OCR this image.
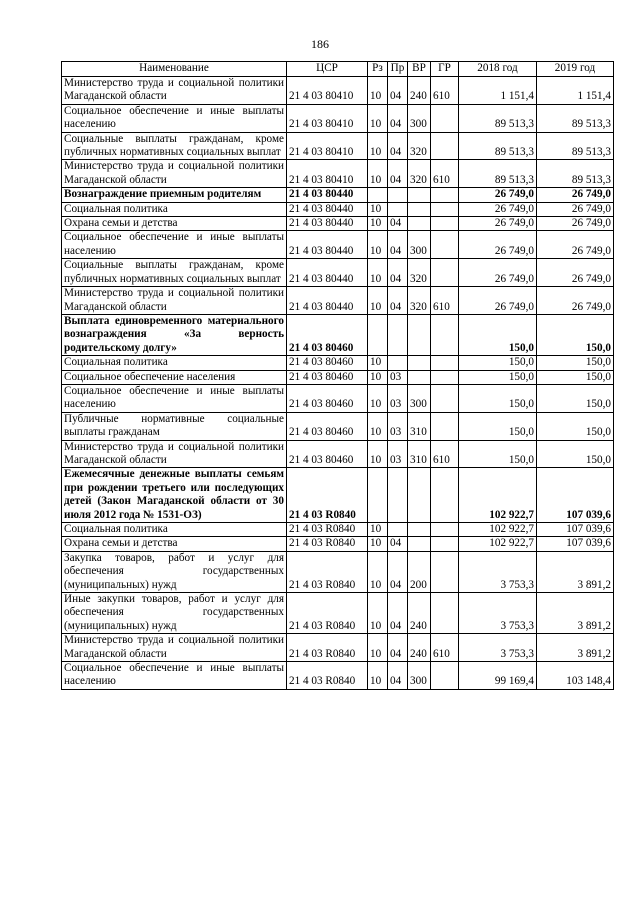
186
Наименование	ЦСР	Рз	Пр	ВР	ГР	2018 год	2019 год
Министерство труда и социальной политики Магаданской области	21 4 03 80410	10	04	240	610	1 151,4	1 151,4
Социальное обеспечение и иные выплаты населению	21 4 03 80410	10	04	300		89 513,3	89 513,3
Социальные выплаты гражданам, кроме публичных нормативных социальных выплат	21 4 03 80410	10	04	320		89 513,3	89 513,3
Министерство труда и социальной политики Магаданской области	21 4 03 80410	10	04	320	610	89 513,3	89 513,3
Вознаграждение приемным родителям	21 4 03 80440					26 749,0	26 749,0
Социальная политика	21 4 03 80440	10				26 749,0	26 749,0
Охрана семьи и детства	21 4 03 80440	10	04			26 749,0	26 749,0
Социальное обеспечение и иные выплаты населению	21 4 03 80440	10	04	300		26 749,0	26 749,0
Социальные выплаты гражданам, кроме публичных нормативных социальных выплат	21 4 03 80440	10	04	320		26 749,0	26 749,0
Министерство труда и социальной политики Магаданской области	21 4 03 80440	10	04	320	610	26 749,0	26 749,0
Выплата единовременного материального вознаграждения «За верность родительскому долгу»	21 4 03 80460					150,0	150,0
Социальная политика	21 4 03 80460	10				150,0	150,0
Социальное обеспечение населения	21 4 03 80460	10	03			150,0	150,0
Социальное обеспечение и иные выплаты населению	21 4 03 80460	10	03	300		150,0	150,0
Публичные нормативные социальные выплаты гражданам	21 4 03 80460	10	03	310		150,0	150,0
Министерство труда и социальной политики Магаданской области	21 4 03 80460	10	03	310	610	150,0	150,0
Ежемесячные денежные выплаты семьям при рождении третьего или последующих детей (Закон Магаданской области от 30 июля 2012 года № 1531-ОЗ)	21 4 03 R0840					102 922,7	107 039,6
Социальная политика	21 4 03 R0840	10				102 922,7	107 039,6
Охрана семьи и детства	21 4 03 R0840	10	04			102 922,7	107 039,6
Закупка товаров, работ и услуг для обеспечения государственных (муниципальных) нужд	21 4 03 R0840	10	04	200		3 753,3	3 891,2
Иные закупки товаров, работ и услуг для обеспечения государственных (муниципальных) нужд	21 4 03 R0840	10	04	240		3 753,3	3 891,2
Министерство труда и социальной политики Магаданской области	21 4 03 R0840	10	04	240	610	3 753,3	3 891,2
Социальное обеспечение и иные выплаты населению	21 4 03 R0840	10	04	300		99 169,4	103 148,4
